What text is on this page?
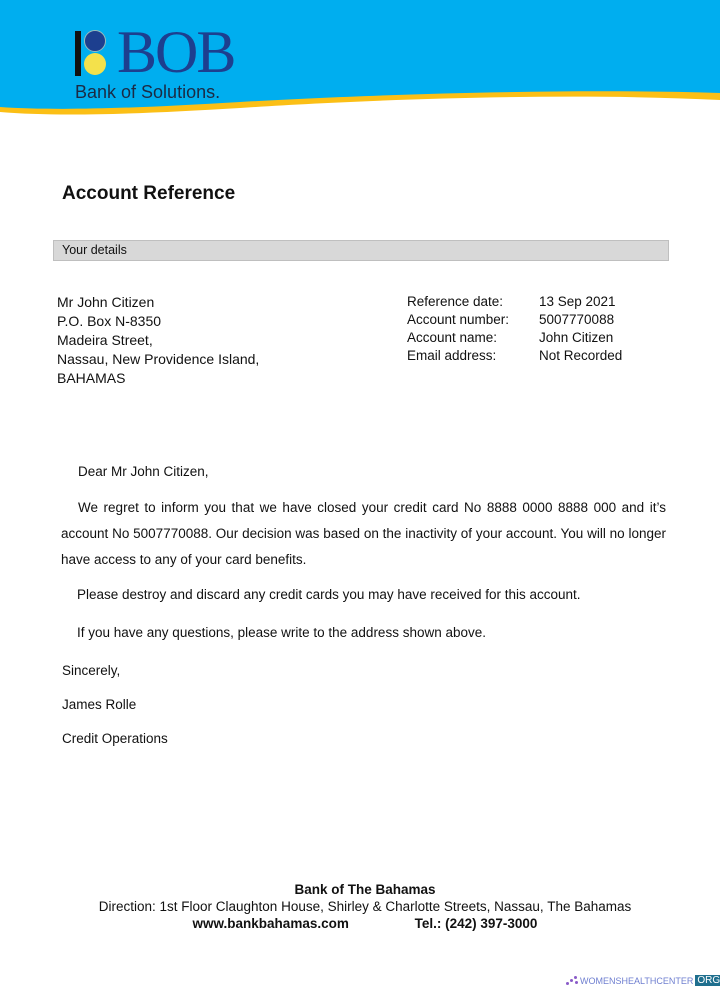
BOB
Bank of Solutions.
Account Reference
Your details
Mr John Citizen
P.O. Box N-8350
Madeira Street,
Nassau, New Providence Island,
BAHAMAS
Reference date:	13 Sep 2021
Account number:	5007770088
Account name:	John Citizen
Email address:	Not Recorded
Dear Mr John Citizen,
We regret to inform you that we have closed your credit card No 8888 0000 8888 000 and it’s account No 5007770088. Our decision was based on the inactivity of your account. You will no longer have access to any of your card benefits.
Please destroy and discard any credit cards you may have received for this account.
If you have any questions, please write to the address shown above.
Sincerely,
James Rolle
Credit Operations
Bank of The Bahamas
Direction: 1st Floor Claughton House, Shirley & Charlotte Streets, Nassau, The Bahamas
www.bankbahamas.com	Tel.: (242) 397-3000
WOMENSHEALTHCENTER ORG
